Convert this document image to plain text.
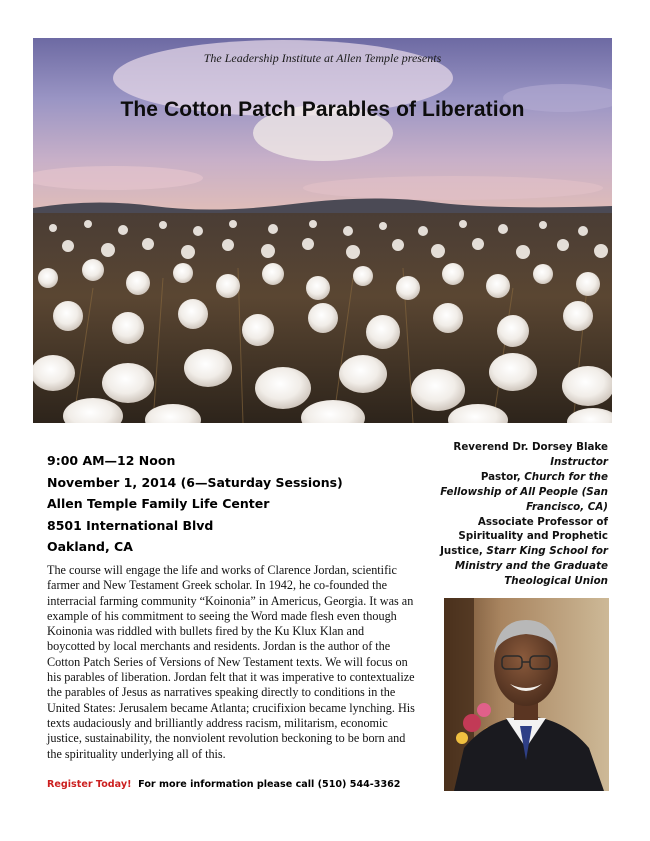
The Leadership Institute at Allen Temple presents
The Cotton Patch Parables of Liberation
9:00 AM—12 Noon
November 1, 2014 (6—Saturday Sessions)
Allen Temple Family Life Center
8501 International Blvd
Oakland, CA

The course will engage the life and works of Clarence Jordan, scientific farmer and New Testament Greek scholar. In 1942, he co-founded the interracial farming community “Koinonia” in Americus, Georgia. It was an example of his commitment to seeing the Word made flesh even though Koinonia was riddled with bullets fired by the Ku Klux Klan and boycotted by local merchants and residents. Jordan is the author of the Cotton Patch Series of Versions of New Testament texts. We will focus on his parables of liberation. Jordan felt that it was imperative to contextualize the parables of Jesus as narratives speaking directly to conditions in the United States: Jerusalem became Atlanta; crucifixion became lynching. His texts audaciously and brilliantly address racism, militarism, economic justice, sustainability, the nonviolent revolution beckoning to be born and the spirituality underlying all of this.

Reverend Dr. Dorsey Blake
Instructor
Pastor, Church for the Fellowship of All People (San Francisco, CA)
Associate Professor of Spirituality and Prophetic Justice, Starr King School for Ministry and the Graduate Theological Union
Register Today! For more information please call (510) 544-3362
